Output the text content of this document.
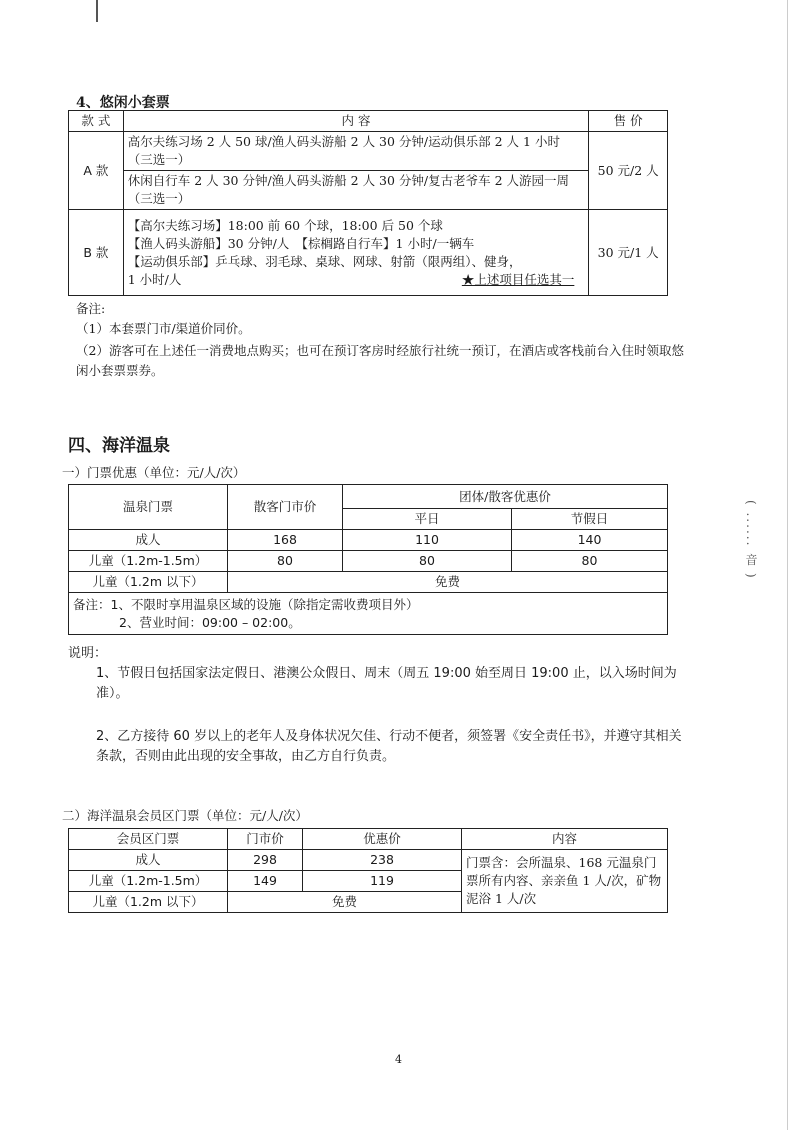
4、悠闲小套票
款 式	内 容	售 价
A 款	高尔夫练习场 2 人 50 球/渔人码头游船 2 人 30 分钟/运动俱乐部 2 人 1 小时（三选一）	50 元/2 人
	休闲自行车 2 人 30 分钟/渔人码头游船 2 人 30 分钟/复古老爷车 2 人游园一周（三选一）	
B 款	【高尔夫练习场】18:00 前 60 个球，18:00 后 50 个球
【渔人码头游船】30 分钟/人　【棕榈路自行车】1 小时/一辆车
【运动俱乐部】乒乓球、羽毛球、桌球、网球、射箭（限两组）、健身，
1 小时/人 ★上述项目任选其一	30 元/1 人
备注:
（1）本套票门市/渠道价同价。
（2）游客可在上述任一消费地点购买；也可在预订客房时经旅行社统一预订，在酒店或客栈前台入住时领取悠闲小套票票券。
四、海洋温泉
一）门票优惠（单位：元/人/次）
温泉门票	散客门市价	团体/散客优惠价	
		平日	节假日
成人	168	110	140
儿童（1.2m-1.5m）	80	80	80
儿童（1.2m 以下）	免费		

备注：1、不限时享用温泉区域的设施（除指定需收费项目外）
2、营业时间：09:00 – 02:00。			
说明：
1、节假日包括国家法定假日、港澳公众假日、周末（周五 19:00 始至周日 19:00 止，以入场时间为准）。
2、乙方接待 60 岁以上的老年人及身体状况欠佳、行动不便者，须签署《安全责任书》，并遵守其相关条款，否则由此出现的安全事故，由乙方自行负责。
二）海洋温泉会员区门票（单位：元/人/次）
会员区门票	门市价	优惠价	内容
成人	298	238	门票含：会所温泉、168 元温泉门票所有内容、亲亲鱼 1 人/次，矿物泥浴 1 人/次
儿童（1.2m-1.5m）	149	119	
儿童（1.2m 以下）	免费		
( ...... 音 )
4
